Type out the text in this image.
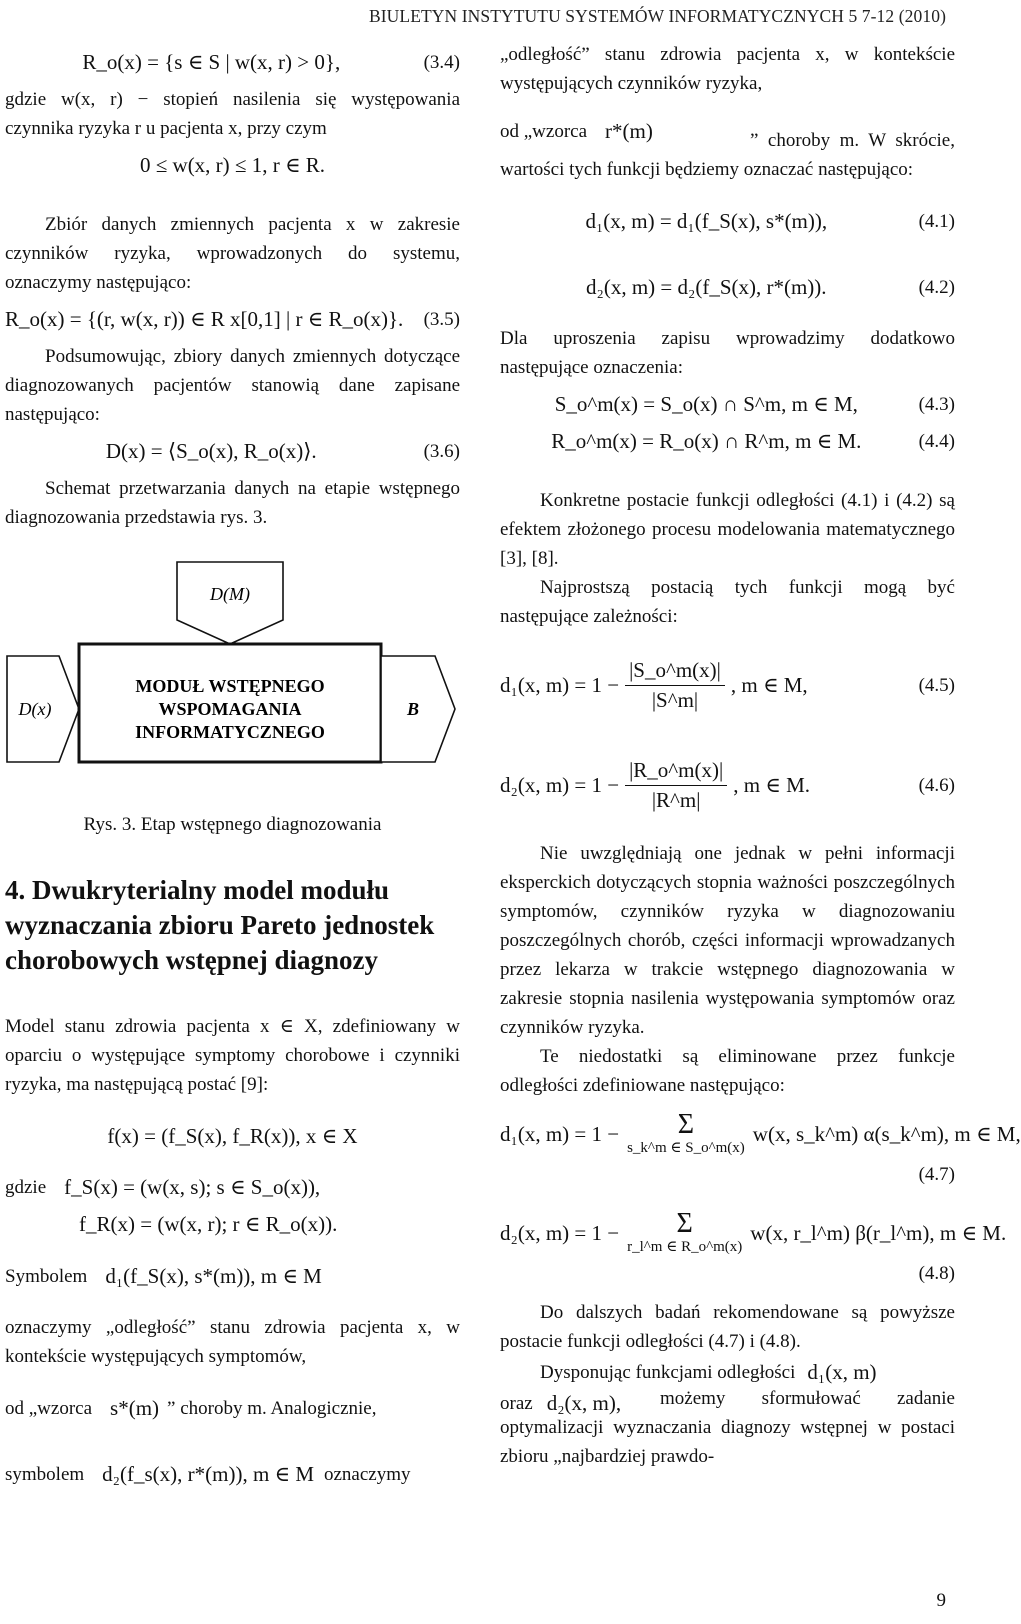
BIULETYN INSTYTUTU SYSTEMÓW INFORMATYCZNYCH 5 7-12 (2010)
R_o(x) = {s ∈ S | w(x, r) > 0},	(3.4)

gdzie w(x, r) − stopień nasilenia się występowania czynnika ryzyka r u pacjenta x, przy czym

0 ≤ w(x, r) ≤ 1, r ∈ R.

Zbiór danych zmiennych pacjenta x w zakresie czynników ryzyka, wprowadzonych do systemu, oznaczymy następująco:

R_o(x) = {(r, w(x, r)) ∈ R x[0,1] | r ∈ R_o(x)}.	(3.5)

Podsumowując, zbiory danych zmiennych dotyczące diagnozowanych pacjentów stanowią dane zapisane następująco:

D(x) = ⟨S_o(x), R_o(x)⟩.	(3.6)

Schemat przetwarzania danych na etapie wstępnego diagnozowania przedstawia rys. 3.

D(M)
D(x)
MODUŁ WSTĘPNEGO
WSPOMAGANIA
INFORMATYCZNEGO
B
Rys. 3. Etap wstępnego diagnozowania
4. Dwukryterialny model modułu wyznaczania zbioru Pareto jednostek chorobowych wstępnej diagnozy

Model stanu zdrowia pacjenta x ∈ X, zdefiniowany w oparciu o występujące symptomy chorobowe i czynniki ryzyka, ma następującą postać [9]:

f(x) = (f_S(x), f_R(x)), x ∈ X
gdzie f_S(x) = (w(x, s); s ∈ S_o(x)),
f_R(x) = (w(x, r); r ∈ R_o(x)).
Symbolem d₁(f_S(x), s*(m)), m ∈ M

oznaczymy „odległość” stanu zdrowia pacjenta x, w kontekście występujących symptomów,

od „wzorca s*(m) ” choroby m. Analogicznie,
symbolem d₂(f_s(x), r*(m)), m ∈ M oznaczymy

„odległość” stanu zdrowia pacjenta x, w kontekście występujących czynników ryzyka,

od „wzorca r*(m)	” choroby m. W skrócie, wartości tych funkcji będziemy oznaczać następująco:

d₁(x, m) = d₁(f_S(x), s*(m)),	(4.1)
d₂(x, m) = d₂(f_S(x), r*(m)).	(4.2)

Dla uproszenia zapisu wprowadzimy dodatkowo następujące oznaczenia:

S_o^m(x) = S_o(x) ∩ S^m, m ∈ M,	(4.3)
R_o^m(x) = R_o(x) ∩ R^m, m ∈ M.	(4.4)

Konkretne postacie funkcji odległości (4.1) i (4.2) są efektem złożonego procesu modelowania matematycznego [3], [8].

Najprostszą postacią tych funkcji mogą być następujące zależności:

d₁(x, $m) = 1 - \frac{|S\_o\^{}m(x)|}{|S\^{}m|}$ , m ∈ M,	(4.5)
d₂(x, $m) = 1 - \frac{|R\_o\^{}m(x)|}{|R\^{}m|}$ , m ∈ M.	(4.6)

Nie uwzględniają one jednak w pełni informacji eksperckich dotyczących stopnia ważności poszczególnych symptomów, czynników ryzyka w diagnozowaniu poszczególnych chorób, części informacji wprowadzanych przez lekarza w trakcie wstępnego diagnozowania w zakresie stopnia nasilenia występowania symptomów oraz czynników ryzyka.

Te niedostatki są eliminowane przez funkcje odległości zdefiniowane następująco:

d₁(x, m) = 1 − Σ
s_k^m ∈ S_o^m(x)
w(x, s_k^m) α(s_k^m), m ∈ M,
(4.7)
d₂(x, m) = 1 − Σ
r_l^m ∈ R_o^m(x)
w(x, r_l^m) β(r_l^m), m ∈ M.
(4.8)

Do dalszych badań rekomendowane są powyższe postacie funkcji odległości (4.7) i (4.8).

Dysponując funkcjami odległości d₁(x, m)
oraz d₂(x, m),	możemy sformułować zadanie optymalizacji wyznaczania diagnozy wstępnej w postaci zbioru „najbardziej prawdo-

9
